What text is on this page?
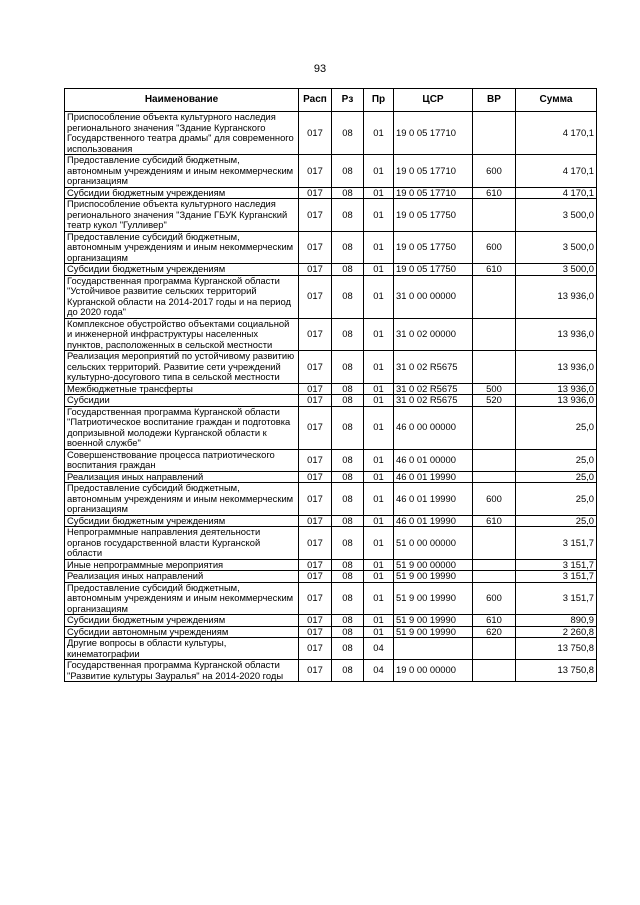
93
Наименование	Расп	Рз	Пр	ЦСР	ВР	Сумма
Приспособление объекта культурного наследия регионального значения "Здание Курганского Государственного театра драмы" для современного использования	017	08	01	19 0 05 17710		4 170,1
Предоставление субсидий бюджетным, автономным учреждениям и иным некоммерческим организациям	017	08	01	19 0 05 17710	600	4 170,1
Субсидии бюджетным учреждениям	017	08	01	19 0 05 17710	610	4 170,1
Приспособление объекта культурного наследия регионального значения "Здание ГБУК Курганский театр кукол "Гулливер"	017	08	01	19 0 05 17750		3 500,0
Предоставление субсидий бюджетным, автономным учреждениям и иным некоммерческим организациям	017	08	01	19 0 05 17750	600	3 500,0
Субсидии бюджетным учреждениям	017	08	01	19 0 05 17750	610	3 500,0
Государственная программа Курганской области "Устойчивое развитие сельских территорий Курганской области на 2014-2017 годы и на период до 2020 года"	017	08	01	31 0 00 00000		13 936,0
Комплексное обустройство объектами социальной и инженерной инфраструктуры населенных пунктов, расположенных в сельской местности	017	08	01	31 0 02 00000		13 936,0
Реализация мероприятий по устойчивому развитию сельских территорий. Развитие сети учреждений культурно-досугового типа в сельской местности	017	08	01	31 0 02 R5675		13 936,0
Межбюджетные трансферты	017	08	01	31 0 02 R5675	500	13 936,0
Субсидии	017	08	01	31 0 02 R5675	520	13 936,0
Государственная программа Курганской области "Патриотическое воспитание граждан и подготовка допризывной молодежи Курганской области к военной службе"	017	08	01	46 0 00 00000		25,0
Совершенствование процесса патриотического воспитания граждан	017	08	01	46 0 01 00000		25,0
Реализация иных направлений	017	08	01	46 0 01 19990		25,0
Предоставление субсидий бюджетным, автономным учреждениям и иным некоммерческим организациям	017	08	01	46 0 01 19990	600	25,0
Субсидии бюджетным учреждениям	017	08	01	46 0 01 19990	610	25,0
Непрограммные направления деятельности органов государственной власти Курганской области	017	08	01	51 0 00 00000		3 151,7
Иные непрограммные мероприятия	017	08	01	51 9 00 00000		3 151,7
Реализация иных направлений	017	08	01	51 9 00 19990		3 151,7
Предоставление субсидий бюджетным, автономным учреждениям и иным некоммерческим организациям	017	08	01	51 9 00 19990	600	3 151,7
Субсидии бюджетным учреждениям	017	08	01	51 9 00 19990	610	890,9
Субсидии автономным учреждениям	017	08	01	51 9 00 19990	620	2 260,8
Другие вопросы в области культуры, кинематографии	017	08	04			13 750,8
Государственная программа Курганской области "Развитие культуры Зауралья" на 2014-2020 годы	017	08	04	19 0 00 00000		13 750,8
